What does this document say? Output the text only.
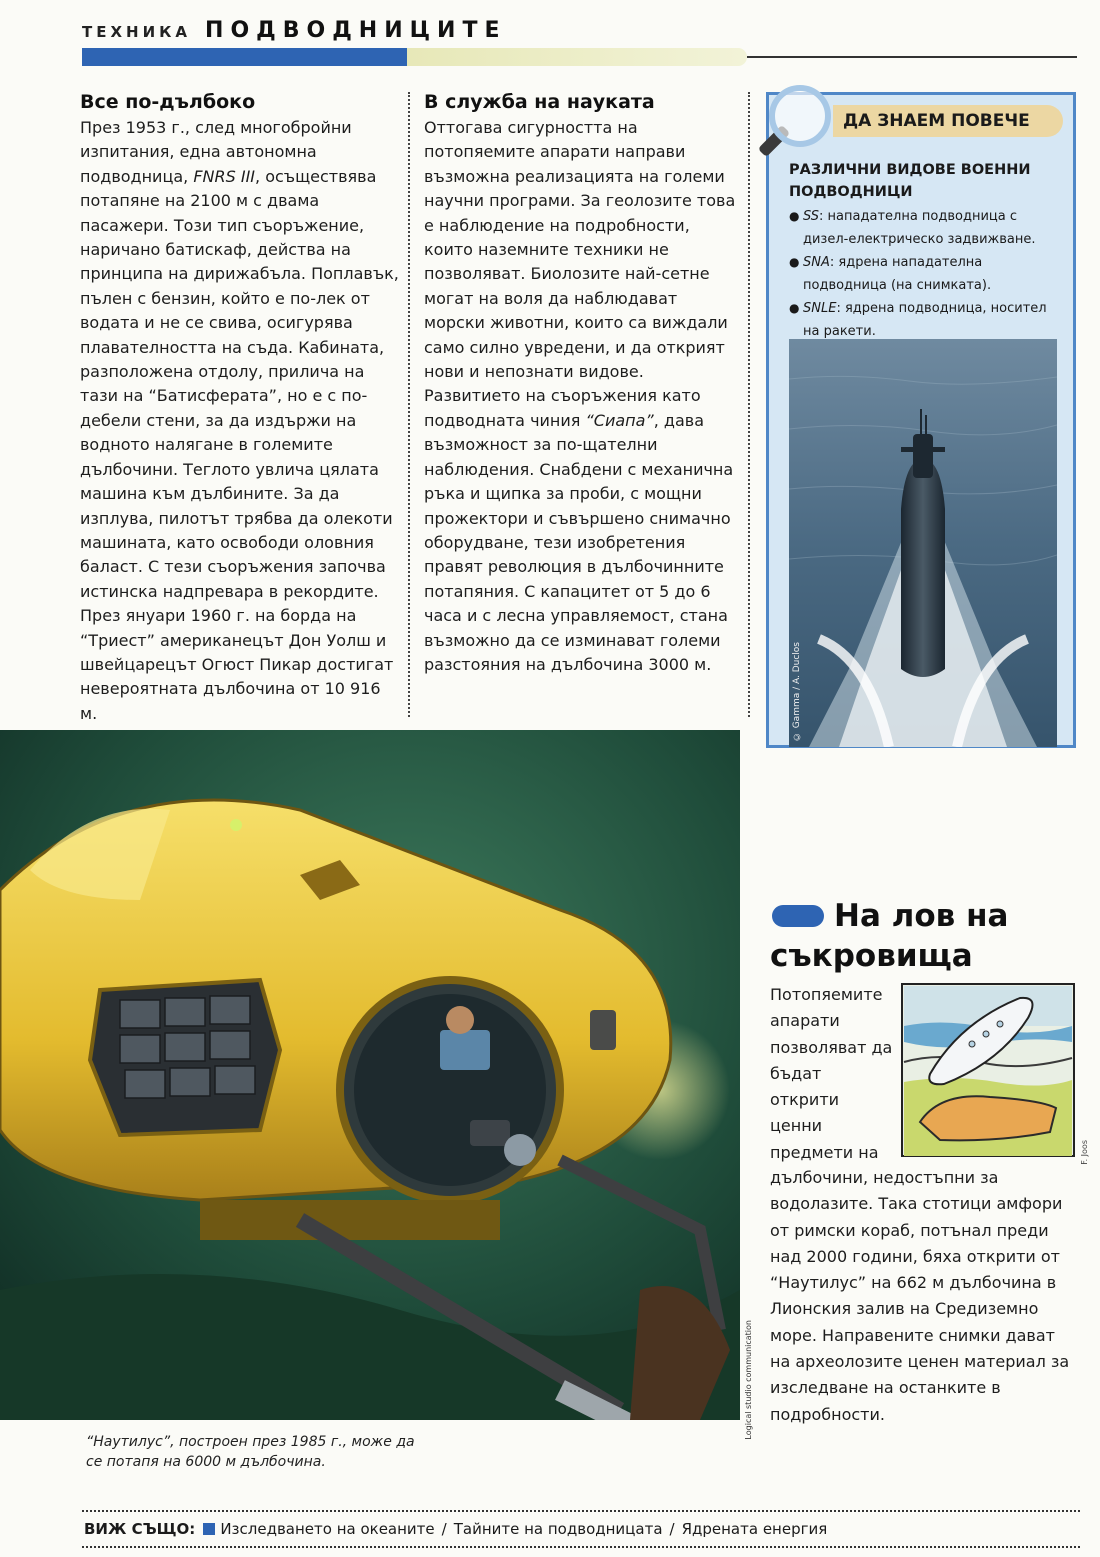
ТЕХНИКА ПОДВОДНИЦИТЕ
Все по-дълбоко

През 1953 г., след многобройни изпитания, една автономна подводница, FNRS III, осъществява потапяне на 2100 м с двама пасажери. Този тип съоръжение, наричано батискаф, действа на принципа на дирижабъла. Поплавък, пълен с бензин, който е по-лек от водата и не се свива, осигурява плавателността на съда. Кабината, разположена отдолу, прилича на тази на “Батисферата”, но е с по-дебели стени, за да издържи на водното налягане в големите дълбочини. Теглото увлича цялата машина към дълбините. За да изплува, пилотът трябва да олекоти машината, като освободи оловния баласт. С тези съоръжения започва истинска надпревара в рекордите. През януари 1960 г. на борда на “Триест” американецът Дон Уолш и швейцарецът Огюст Пикар достигат невероятната дълбочина от 10 916 м.

В служба на науката

Оттогава сигурността на потопяемите апарати направи възможна реализацията на големи научни програми. За геолозите това е наблюдение на подробности, които наземните техники не позволяват. Биолозите най-сетне могат на воля да наблюдават морски животни, които са виждали само силно увредени, и да открият нови и непознати видове. Развитието на съоръжения като подводната чиния “Сиапа”, дава възможност за по-щателни наблюдения. Снабдени с механична ръка и щипка за проби, с мощни прожектори и съвършено снимачно оборудване, тези изобретения правят революция в дълбочинните потапяния. С капацитет от 5 до 6 часа и с лесна управляемост, стана възможно да се изминават големи разстояния на дълбочина 3000 м.

ДА ЗНАЕМ ПОВЕЧЕ
РАЗЛИЧНИ ВИДОВЕ ВОЕННИ ПОДВОДНИЦИ
● SS: нападателна подводница с дизел-електрическо задвижване.
● SNA: ядрена нападателна подводница (на снимката).
● SNLE: ядрена подводница, носител на ракети.
© Gamma / A. Duclos
Logical studio communication
“Наутилус”, построен през 1985 г., може да се потапя на 6000 м дълбочина.
На лов на съкровища
F. Joos
Потопяемите апарати позволяват да бъдат открити ценни предмети на
дълбочини, недостъпни за водолазите. Така стотици амфори от римски кораб, потънал преди над 2000 години, бяха открити от “Наутилус” на 662 м дълбочина в Лионския залив на Средиземно море. Направените снимки дават на археолозите ценен материал за изследване на останките в подробности.
ВИЖ СЪЩО: Изследването на океаните / Тайните на подводницата / Ядрената енергия
